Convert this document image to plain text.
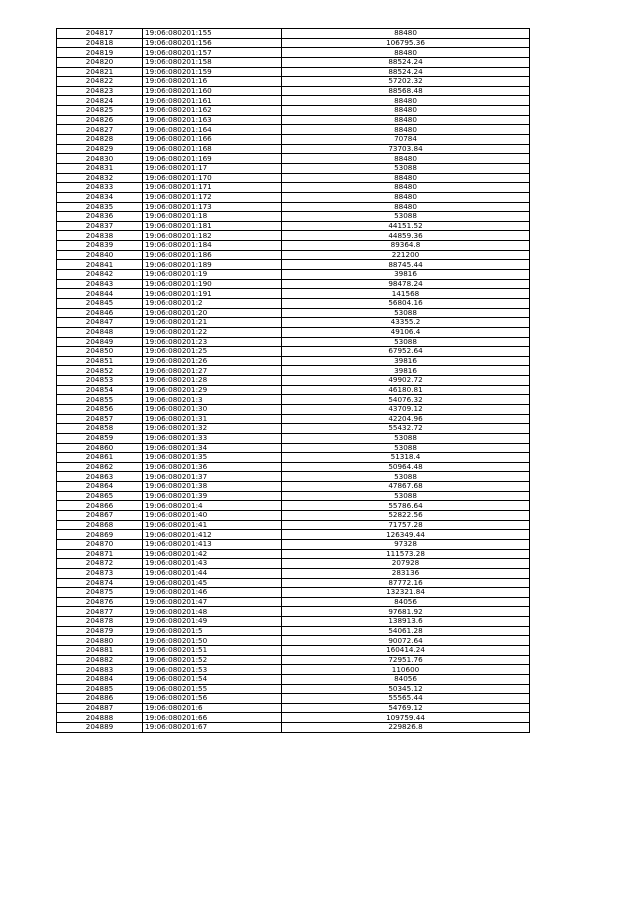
204817	19:06:080201:155	88480
204818	19:06:080201:156	106795.36
204819	19:06:080201:157	88480
204820	19:06:080201:158	88524.24
204821	19:06:080201:159	88524.24
204822	19:06:080201:16	57202.32
204823	19:06:080201:160	88568.48
204824	19:06:080201:161	88480
204825	19:06:080201:162	88480
204826	19:06:080201:163	88480
204827	19:06:080201:164	88480
204828	19:06:080201:166	70784
204829	19:06:080201:168	73703.84
204830	19:06:080201:169	88480
204831	19:06:080201:17	53088
204832	19:06:080201:170	88480
204833	19:06:080201:171	88480
204834	19:06:080201:172	88480
204835	19:06:080201:173	88480
204836	19:06:080201:18	53088
204837	19:06:080201:181	44151.52
204838	19:06:080201:182	44859.36
204839	19:06:080201:184	89364.8
204840	19:06:080201:186	221200
204841	19:06:080201:189	88745.44
204842	19:06:080201:19	39816
204843	19:06:080201:190	98478.24
204844	19:06:080201:191	141568
204845	19:06:080201:2	56804.16
204846	19:06:080201:20	53088
204847	19:06:080201:21	43355.2
204848	19:06:080201:22	49106.4
204849	19:06:080201:23	53088
204850	19:06:080201:25	67952.64
204851	19:06:080201:26	39816
204852	19:06:080201:27	39816
204853	19:06:080201:28	49902.72
204854	19:06:080201:29	46180.81
204855	19:06:080201:3	54076.32
204856	19:06:080201:30	43709.12
204857	19:06:080201:31	42204.96
204858	19:06:080201:32	55432.72
204859	19:06:080201:33	53088
204860	19:06:080201:34	53088
204861	19:06:080201:35	51318.4
204862	19:06:080201:36	50964.48
204863	19:06:080201:37	53088
204864	19:06:080201:38	47867.68
204865	19:06:080201:39	53088
204866	19:06:080201:4	55786.64
204867	19:06:080201:40	52822.56
204868	19:06:080201:41	71757.28
204869	19:06:080201:412	126349.44
204870	19:06:080201:413	97328
204871	19:06:080201:42	111573.28
204872	19:06:080201:43	207928
204873	19:06:080201:44	283136
204874	19:06:080201:45	87772.16
204875	19:06:080201:46	132321.84
204876	19:06:080201:47	84056
204877	19:06:080201:48	97681.92
204878	19:06:080201:49	138913.6
204879	19:06:080201:5	54061.28
204880	19:06:080201:50	90072.64
204881	19:06:080201:51	160414.24
204882	19:06:080201:52	72951.76
204883	19:06:080201:53	110600
204884	19:06:080201:54	84056
204885	19:06:080201:55	50345.12
204886	19:06:080201:56	55565.44
204887	19:06:080201:6	54769.12
204888	19:06:080201:66	109759.44
204889	19:06:080201:67	229826.8
